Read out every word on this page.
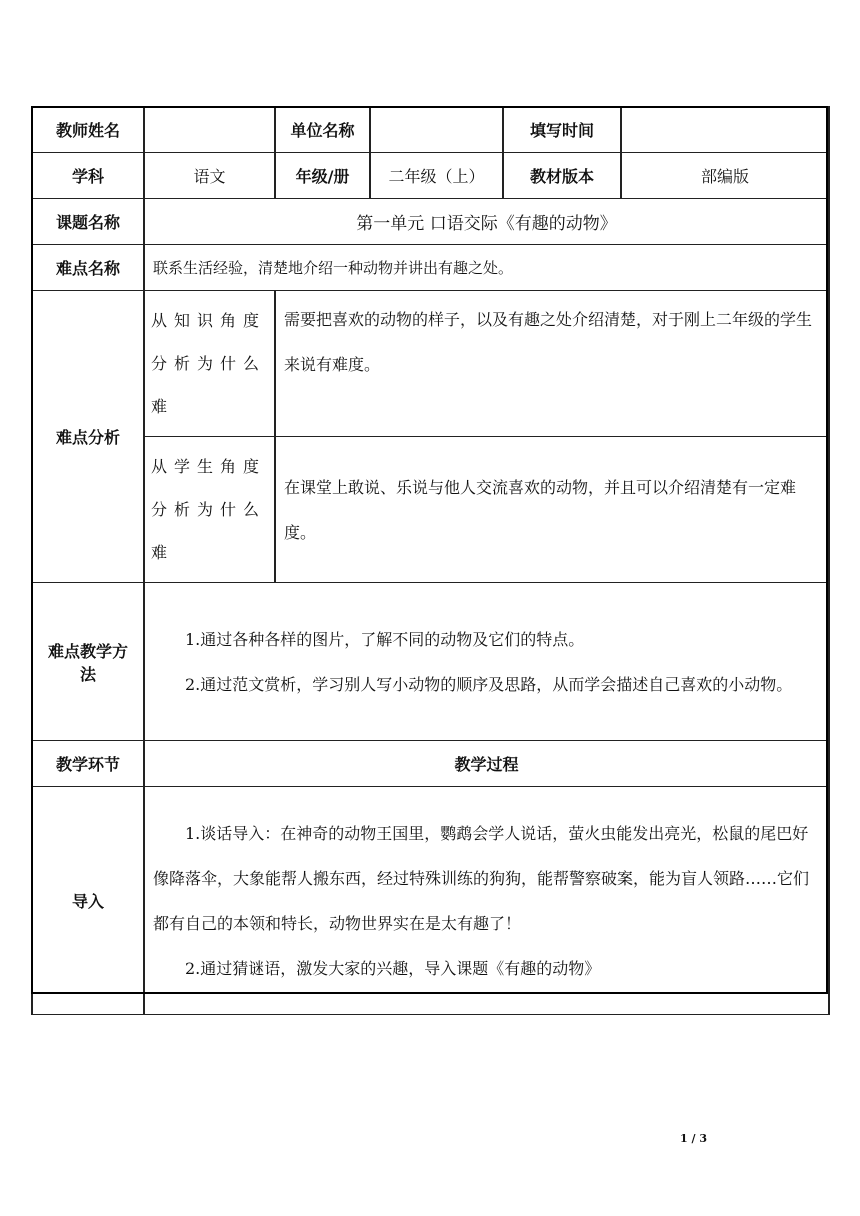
教师姓名		单位名称		填写时间	
学科	语文	年级/册	二年级（上）	教材版本	部编版
课题名称	第一单元 口语交际《有趣的动物》				
难点名称	联系生活经验，清楚地介绍一种动物并讲出有趣之处。				
难点分析	从知识角度分析为什么难	需要把喜欢的动物的样子，以及有趣之处介绍清楚，对于刚上二年级的学生来说有难度。			
	从学生角度分析为什么难	在课堂上敢说、乐说与他人交流喜欢的动物，并且可以介绍清楚有一定难度。			
难点教学方法	1.通过各种各样的图片，了解不同的动物及它们的特点。

2.通过范文赏析，学习别人写小动物的顺序及思路，从而学会描述自己喜欢的小动物。				

教学环节	教学过程				
导入	1.谈话导入：在神奇的动物王国里，鹦鹉会学人说话，萤火虫能发出亮光，松鼠的尾巴好像降落伞，大象能帮人搬东西，经过特殊训练的狗狗，能帮警察破案，能为盲人领路……它们都有自己的本领和特长，动物世界实在是太有趣了！

2.通过猜谜语，激发大家的兴趣，导入课题《有趣的动物》				

1 / 3
